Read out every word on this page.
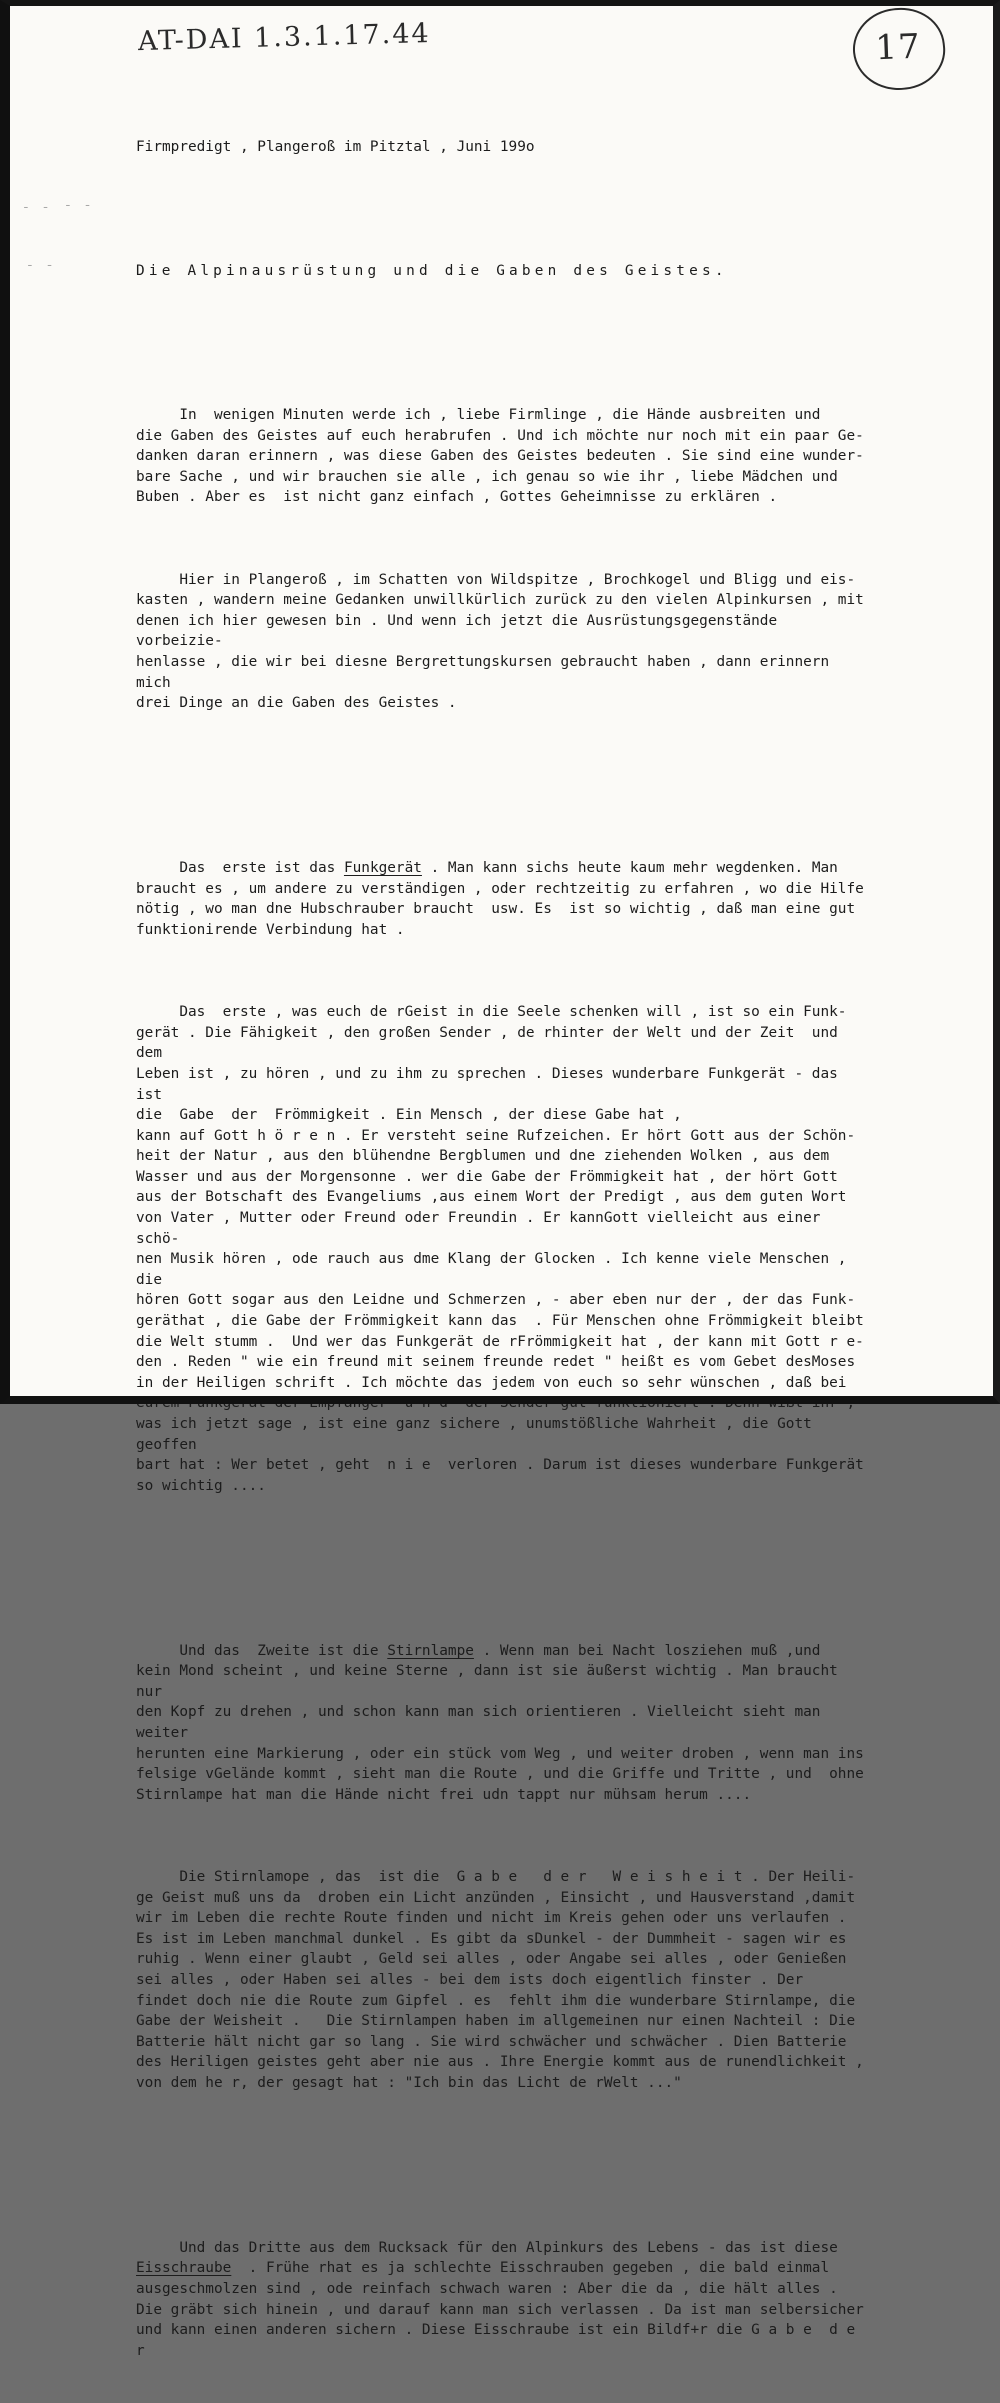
AT-DAI 1.3.1.17.44	17
- - - -
- -

Firmpredigt , Plangeroß im Pitztal , Juni 199o

Die Alpinausrüstung und die Gaben des Geistes.

In  wenigen Minuten werde ich , liebe Firmlinge , die Hände ausbreiten und
die Gaben des Geistes auf euch herabrufen . Und ich möchte nur noch mit ein paar Ge-
danken daran erinnern , was diese Gaben des Geistes bedeuten . Sie sind eine wunder-
bare Sache , und wir brauchen sie alle , ich genau so wie ihr , liebe Mädchen und
Buben . Aber es  ist nicht ganz einfach , Gottes Geheimnisse zu erklären .

Hier in Plangeroß , im Schatten von Wildspitze , Brochkogel und Bligg und eis-
kasten , wandern meine Gedanken unwillkürlich zurück zu den vielen Alpinkursen , mit
denen ich hier gewesen bin . Und wenn ich jetzt die Ausrüstungsgegenstände vorbeizie-
henlasse , die wir bei diesne Bergrettungskursen gebraucht haben , dann erinnern mich
drei Dinge an die Gaben des Geistes .

Das  erste ist das Funkgerät . Man kann sichs heute kaum mehr wegdenken. Man
braucht es , um andere zu verständigen , oder rechtzeitig zu erfahren , wo die Hilfe
nötig , wo man dne Hubschrauber braucht  usw. Es  ist so wichtig , daß man eine gut
funktionirende Verbindung hat .

Das  erste , was euch de rGeist in die Seele schenken will , ist so ein Funk-
gerät . Die Fähigkeit , den großen Sender , de rhinter der Welt und der Zeit  und dem
Leben ist , zu hören , und zu ihm zu sprechen . Dieses wunderbare Funkgerät - das ist
die  Gabe  der  Frömmigkeit . Ein Mensch , der diese Gabe hat ,
kann auf Gott h ö r e n . Er versteht seine Rufzeichen. Er hört Gott aus der Schön-
heit der Natur , aus den blühendne Bergblumen und dne ziehenden Wolken , aus dem
Wasser und aus der Morgensonne . wer die Gabe der Frömmigkeit hat , der hört Gott
aus der Botschaft des Evangeliums ,aus einem Wort der Predigt , aus dem guten Wort
von Vater , Mutter oder Freund oder Freundin . Er kannGott vielleicht aus einer schö-
nen Musik hören , ode rauch aus dme Klang der Glocken . Ich kenne viele Menschen , die
hören Gott sogar aus den Leidne und Schmerzen , - aber eben nur der , der das Funk-
geräthat , die Gabe der Frömmigkeit kann das  . Für Menschen ohne Frömmigkeit bleibt
die Welt stumm .  Und wer das Funkgerät de rFrömmigkeit hat , der kann mit Gott r e-
den . Reden " wie ein freund mit seinem freunde redet " heißt es vom Gebet desMoses
in der Heiligen schrift . Ich möchte das jedem von euch so sehr wünschen , daß bei
eurem Funkgerät der Empfänger  u n d  der Sender gut funktioniert . Denn wißt ihr ,
was ich jetzt sage , ist eine ganz sichere , unumstößliche Wahrheit , die Gott geoffen
bart hat : Wer betet , geht  n i e  verloren . Darum ist dieses wunderbare Funkgerät
so wichtig ....

Und das  Zweite ist die Stirnlampe . Wenn man bei Nacht losziehen muß ,und
kein Mond scheint , und keine Sterne , dann ist sie äußerst wichtig . Man braucht nur
den Kopf zu drehen , und schon kann man sich orientieren . Vielleicht sieht man weiter
herunten eine Markierung , oder ein stück vom Weg , und weiter droben , wenn man ins
felsige vGelände kommt , sieht man die Route , und die Griffe und Tritte , und  ohne
Stirnlampe hat man die Hände nicht frei udn tappt nur mühsam herum ....

Die Stirnlamope , das  ist die  G a b e   d e r   W e i s h e i t . Der Heili-
ge Geist muß uns da  droben ein Licht anzünden , Einsicht , und Hausverstand ,damit
wir im Leben die rechte Route finden und nicht im Kreis gehen oder uns verlaufen .
Es ist im Leben manchmal dunkel . Es gibt da sDunkel - der Dummheit - sagen wir es
ruhig . Wenn einer glaubt , Geld sei alles , oder Angabe sei alles , oder Genießen
sei alles , oder Haben sei alles - bei dem ists doch eigentlich finster . Der
findet doch nie die Route zum Gipfel . es  fehlt ihm die wunderbare Stirnlampe, die
Gabe der Weisheit .   Die Stirnlampen haben im allgemeinen nur einen Nachteil : Die
Batterie hält nicht gar so lang . Sie wird schwächer und schwächer . Dien Batterie
des Heriligen geistes geht aber nie aus . Ihre Energie kommt aus de runendlichkeit ,
von dem he r, der gesagt hat : "Ich bin das Licht de rWelt ..."

Und das Dritte aus dem Rucksack für den Alpinkurs des Lebens - das ist diese
Eisschraube  . Frühe rhat es ja schlechte Eisschrauben gegeben , die bald einmal
ausgeschmolzen sind , ode reinfach schwach waren : Aber die da , die hält alles .
Die gräbt sich hinein , und darauf kann man sich verlassen . Da ist man selbersicher
und kann einen anderen sichern . Diese Eisschraube ist ein Bildf+r die G a b e  d e r
